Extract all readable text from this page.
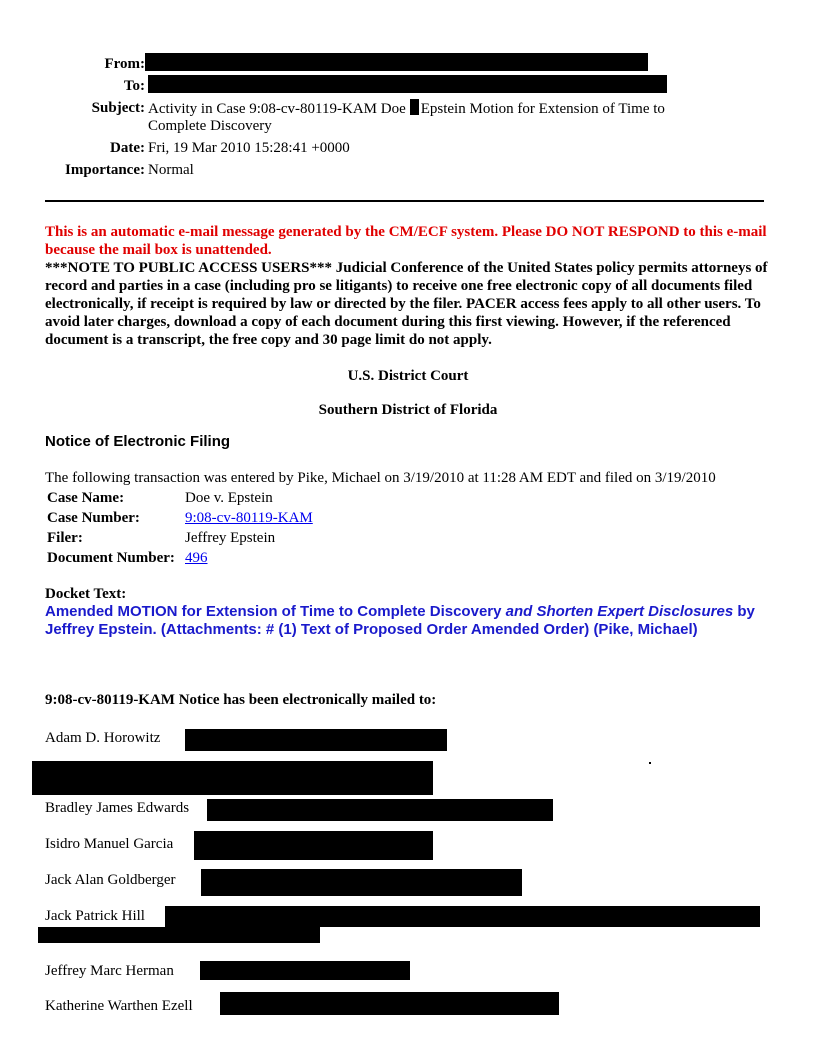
From:
To:
Subject: Activity in Case 9:08-cv-80119-KAM Doe Epstein Motion for Extension of Time to
Complete Discovery
Date: Fri, 19 Mar 2010 15:28:41 +0000
Importance: Normal
This is an automatic e-mail message generated by the CM/ECF system. Please DO NOT RESPOND to this e-mail because the mail box is unattended.
***NOTE TO PUBLIC ACCESS USERS*** Judicial Conference of the United States policy permits attorneys of record and parties in a case (including pro se litigants) to receive one free electronic copy of all documents filed electronically, if receipt is required by law or directed by the filer. PACER access fees apply to all other users. To avoid later charges, download a copy of each document during this first viewing. However, if the referenced document is a transcript, the free copy and 30 page limit do not apply.
U.S. District Court
Southern District of Florida
Notice of Electronic Filing
The following transaction was entered by Pike, Michael on 3/19/2010 at 11:28 AM EDT and filed on 3/19/2010
Case Name:	Doe v. Epstein
Case Number:	9:08-cv-80119-KAM
Filer:	Jeffrey Epstein
Document Number: 496
Docket Text:
Amended MOTION for Extension of Time to Complete Discovery and Shorten Expert Disclosures by Jeffrey Epstein. (Attachments: # (1) Text of Proposed Order Amended Order) (Pike, Michael)
9:08-cv-80119-KAM Notice has been electronically mailed to:
Adam D. Horowitz
Bradley James Edwards
Isidro Manuel Garcia
Jack Alan Goldberger
Jack Patrick Hill
Jeffrey Marc Herman
Katherine Warthen Ezell
